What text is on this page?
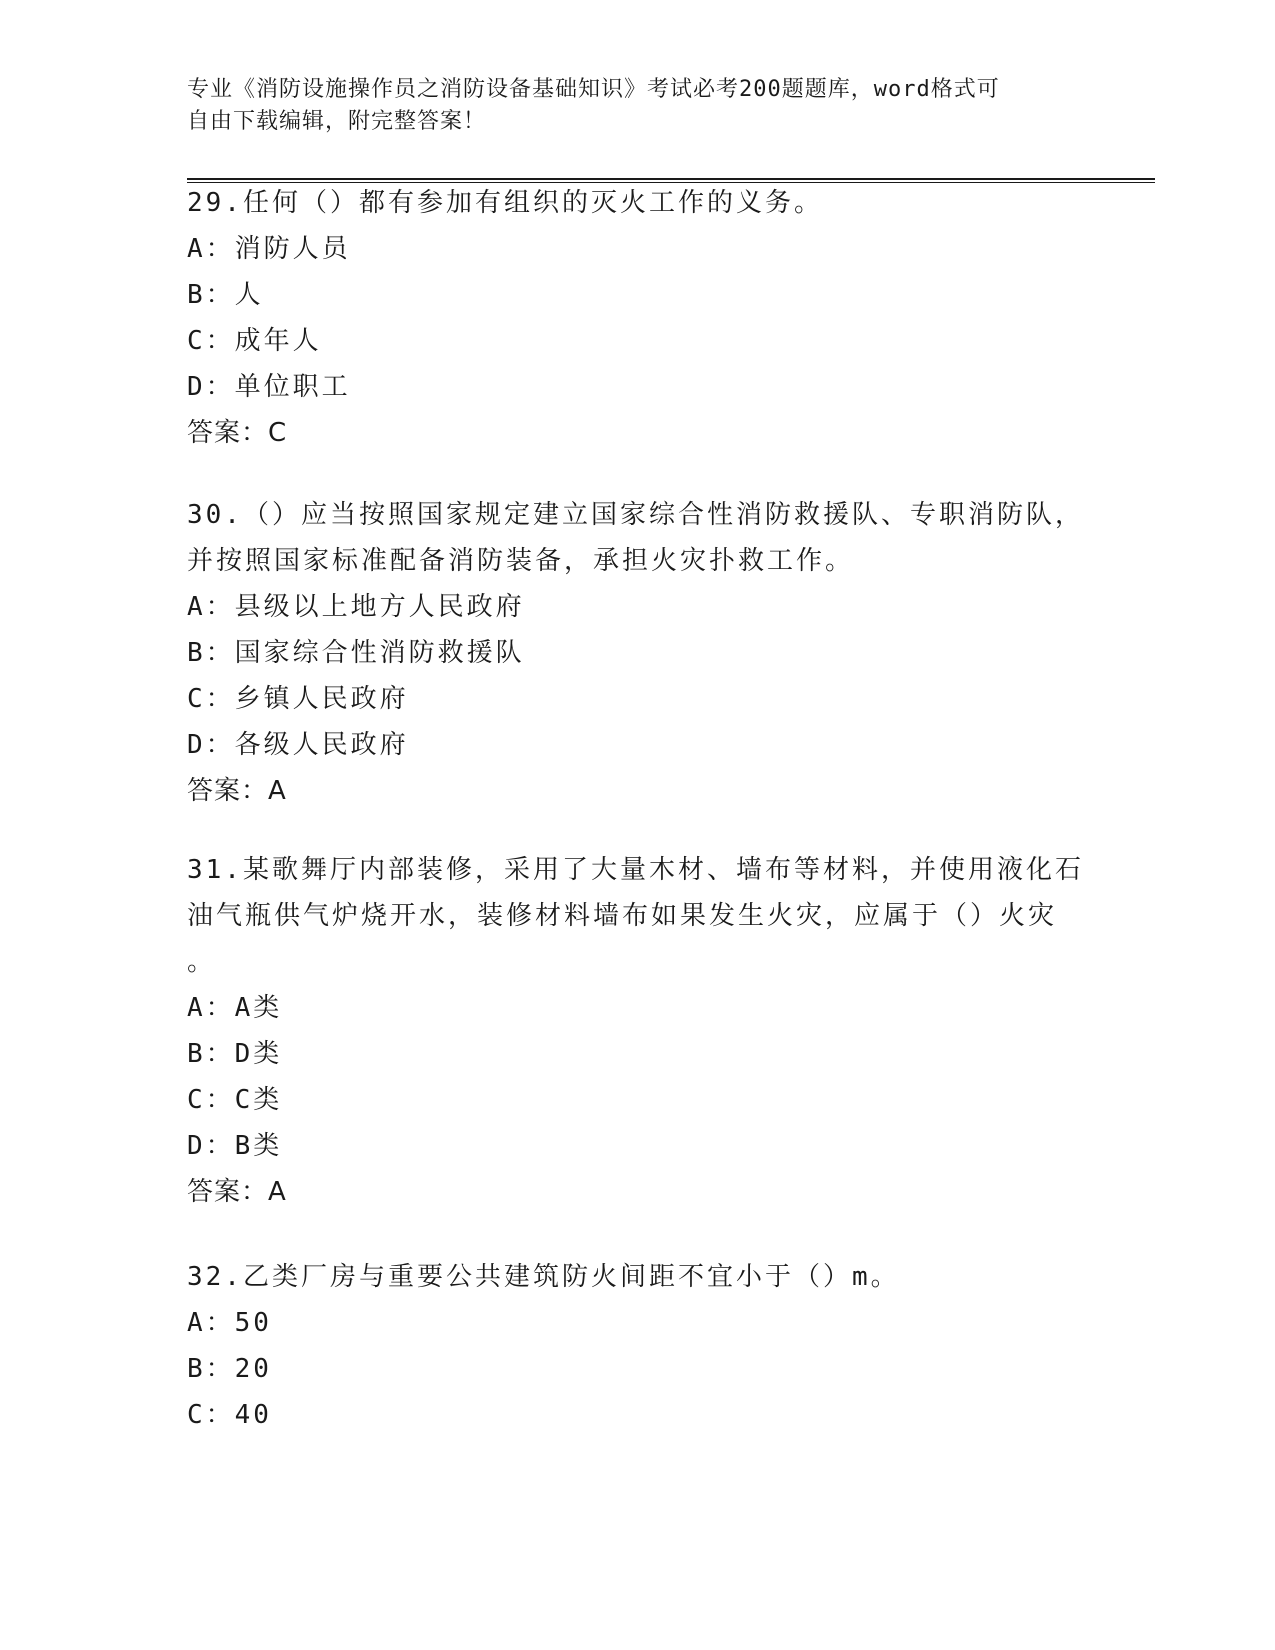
专业《消防设施操作员之消防设备基础知识》考试必考200题题库，word格式可
自由下载编辑，附完整答案！
29.任何（）都有参加有组织的灭火工作的义务。
A：消防人员
B：人
C：成年人
D：单位职工
答案：C
30.（）应当按照国家规定建立国家综合性消防救援队、专职消防队，
并按照国家标准配备消防装备，承担火灾扑救工作。
A：县级以上地方人民政府
B：国家综合性消防救援队
C：乡镇人民政府
D：各级人民政府
答案：A
31.某歌舞厅内部装修，采用了大量木材、墙布等材料，并使用液化石
油气瓶供气炉烧开水，装修材料墙布如果发生火灾，应属于（）火灾
。
A：A类
B：D类
C：C类
D：B类
答案：A
32.乙类厂房与重要公共建筑防火间距不宜小于（）m。
A：50
B：20
C：40
